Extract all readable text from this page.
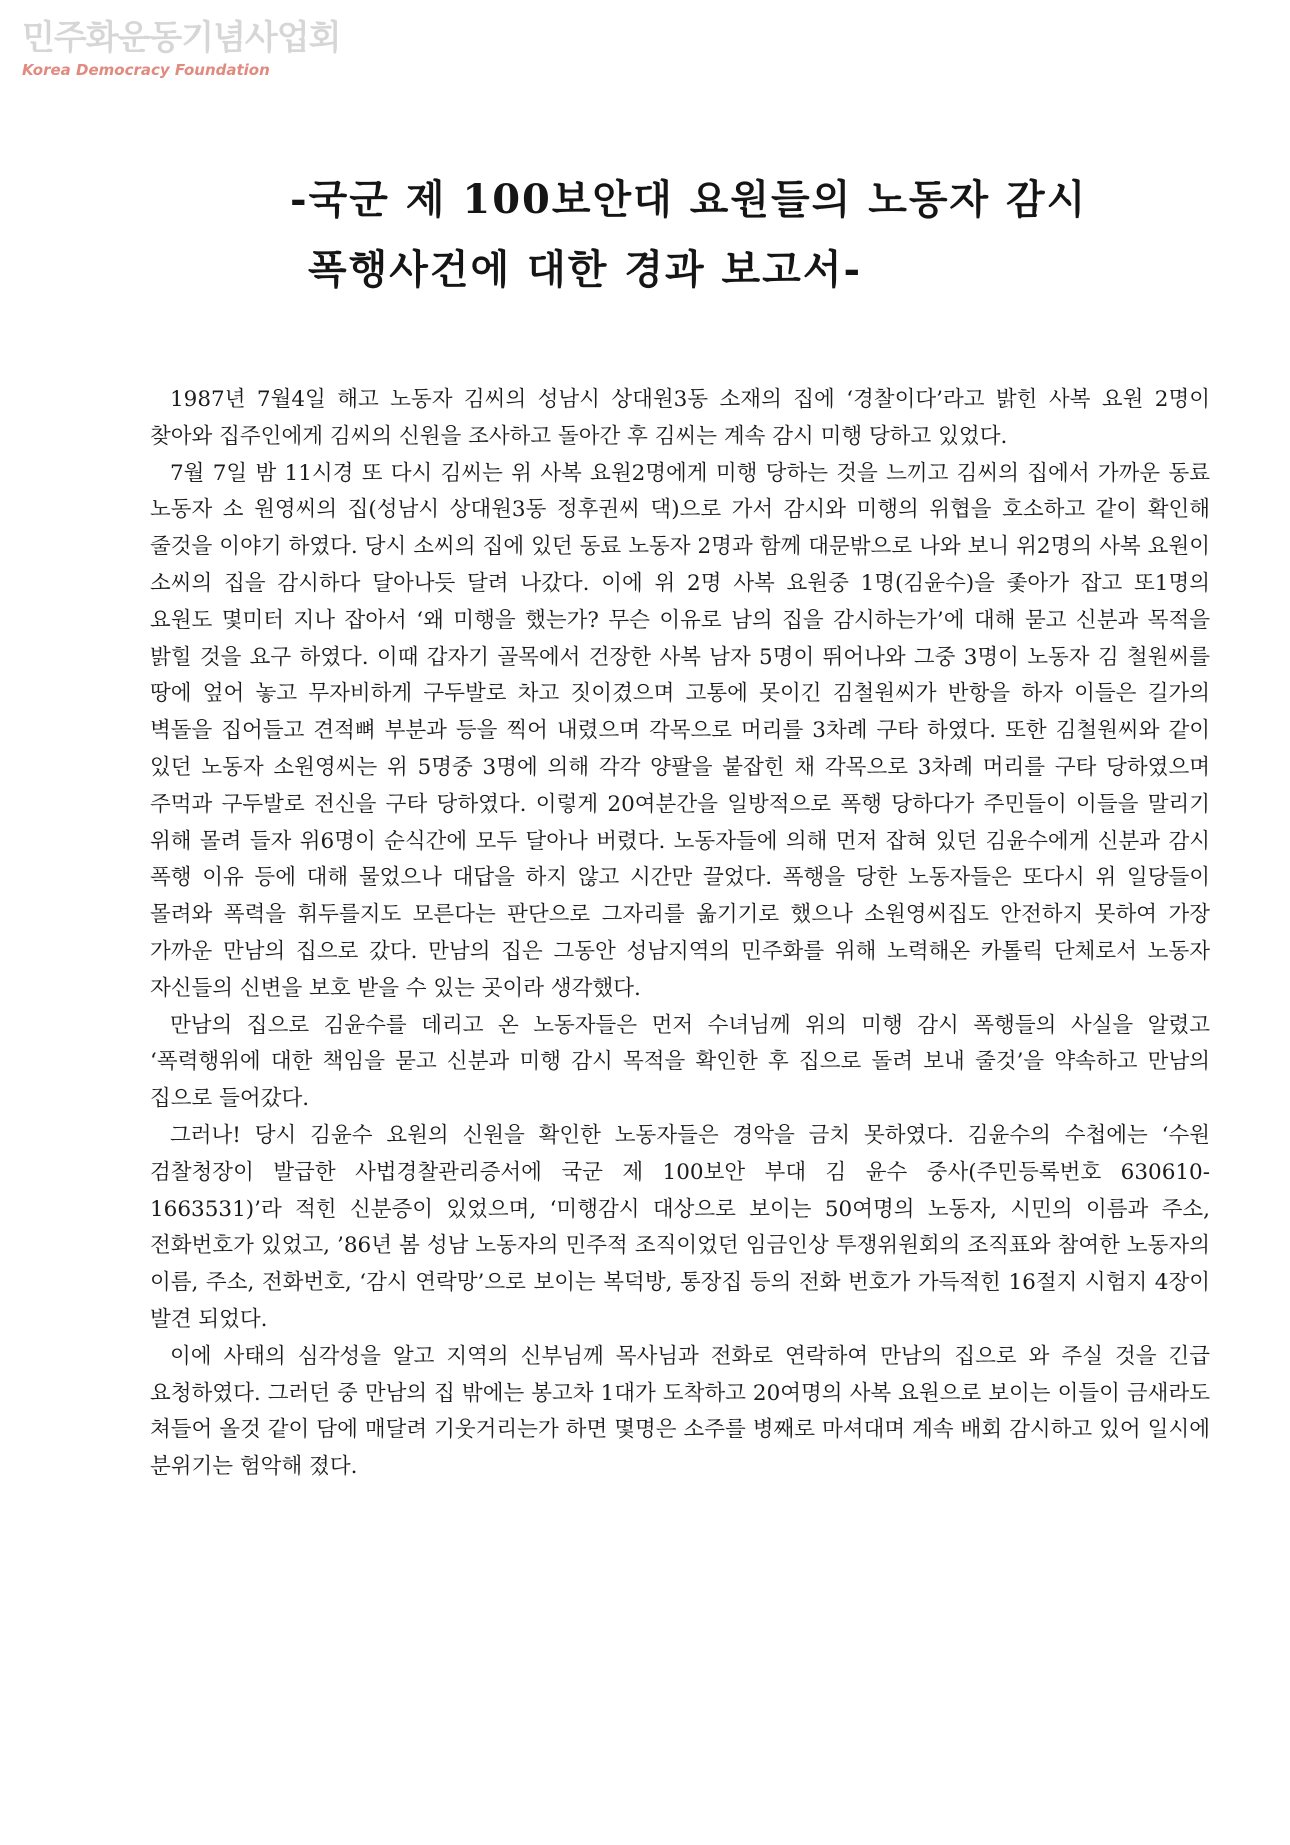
민주화운동기념사업회
Korea Democracy Foundation
-국군 제 100보안대 요원들의 노동자 감시
폭행사건에 대한 경과 보고서-

1987년 7월4일 해고 노동자 김씨의 성남시 상대원3동 소재의 집에 ‘경찰이다’라고 밝힌 사복 요원 2명이 찾아와 집주인에게 김씨의 신원을 조사하고 돌아간 후 김씨는 계속 감시 미행 당하고 있었다.

7월 7일 밤 11시경 또 다시 김씨는 위 사복 요원2명에게 미행 당하는 것을 느끼고 김씨의 집에서 가까운 동료 노동자 소 원영씨의 집(성남시 상대원3동 정후권씨 댁)으로 가서 감시와 미행의 위협을 호소하고 같이 확인해 줄것을 이야기 하였다. 당시 소씨의 집에 있던 동료 노동자 2명과 함께 대문밖으로 나와 보니 위2명의 사복 요원이 소씨의 집을 감시하다 달아나듯 달려 나갔다. 이에 위 2명 사복 요원중 1명(김윤수)을 좇아가 잡고 또1명의 요원도 몇미터 지나 잡아서 ‘왜 미행을 했는가? 무슨 이유로 남의 집을 감시하는가’에 대해 묻고 신분과 목적을 밝힐 것을 요구 하였다. 이때 갑자기 골목에서 건장한 사복 남자 5명이 뛰어나와 그중 3명이 노동자 김 철원씨를 땅에 엎어 놓고 무자비하게 구두발로 차고 짓이겼으며 고통에 못이긴 김철원씨가 반항을 하자 이들은 길가의 벽돌을 집어들고 견적뼈 부분과 등을 찍어 내렸으며 각목으로 머리를 3차례 구타 하였다. 또한 김철원씨와 같이 있던 노동자 소원영씨는 위 5명중 3명에 의해 각각 양팔을 붙잡힌 채 각목으로 3차례 머리를 구타 당하였으며 주먹과 구두발로 전신을 구타 당하였다. 이렇게 20여분간을 일방적으로 폭행 당하다가 주민들이 이들을 말리기 위해 몰려 들자 위6명이 순식간에 모두 달아나 버렸다. 노동자들에 의해 먼저 잡혀 있던 김윤수에게 신분과 감시 폭행 이유 등에 대해 물었으나 대답을 하지 않고 시간만 끌었다. 폭행을 당한 노동자들은 또다시 위 일당들이 몰려와 폭력을 휘두를지도 모른다는 판단으로 그자리를 옮기기로 했으나 소원영씨집도 안전하지 못하여 가장 가까운 만남의 집으로 갔다. 만남의 집은 그동안 성남지역의 민주화를 위해 노력해온 카톨릭 단체로서 노동자 자신들의 신변을 보호 받을 수 있는 곳이라 생각했다.

만남의 집으로 김윤수를 데리고 온 노동자들은 먼저 수녀님께 위의 미행 감시 폭행들의 사실을 알렸고 ‘폭력행위에 대한 책임을 묻고 신분과 미행 감시 목적을 확인한 후 집으로 돌려 보내 줄것’을 약속하고 만남의 집으로 들어갔다.

그러나! 당시 김윤수 요원의 신원을 확인한 노동자들은 경악을 금치 못하였다. 김윤수의 수첩에는 ‘수원 검찰청장이 발급한 사법경찰관리증서에 국군 제 100보안 부대 김 윤수 중사(주민등록번호 630610-1663531)’라 적힌 신분증이 있었으며, ‘미행감시 대상으로 보이는 50여명의 노동자, 시민의 이름과 주소, 전화번호가 있었고, ’86년 봄 성남 노동자의 민주적 조직이었던 임금인상 투쟁위원회의 조직표와 참여한 노동자의 이름, 주소, 전화번호, ‘감시 연락망’으로 보이는 복덕방, 통장집 등의 전화 번호가 가득적힌 16절지 시험지 4장이 발견 되었다.

이에 사태의 심각성을 알고 지역의 신부님께 목사님과 전화로 연락하여 만남의 집으로 와 주실 것을 긴급 요청하였다. 그러던 중 만남의 집 밖에는 봉고차 1대가 도착하고 20여명의 사복 요원으로 보이는 이들이 금새라도 쳐들어 올것 같이 담에 매달려 기웃거리는가 하면 몇명은 소주를 병째로 마셔대며 계속 배회 감시하고 있어 일시에 분위기는 험악해 졌다.
